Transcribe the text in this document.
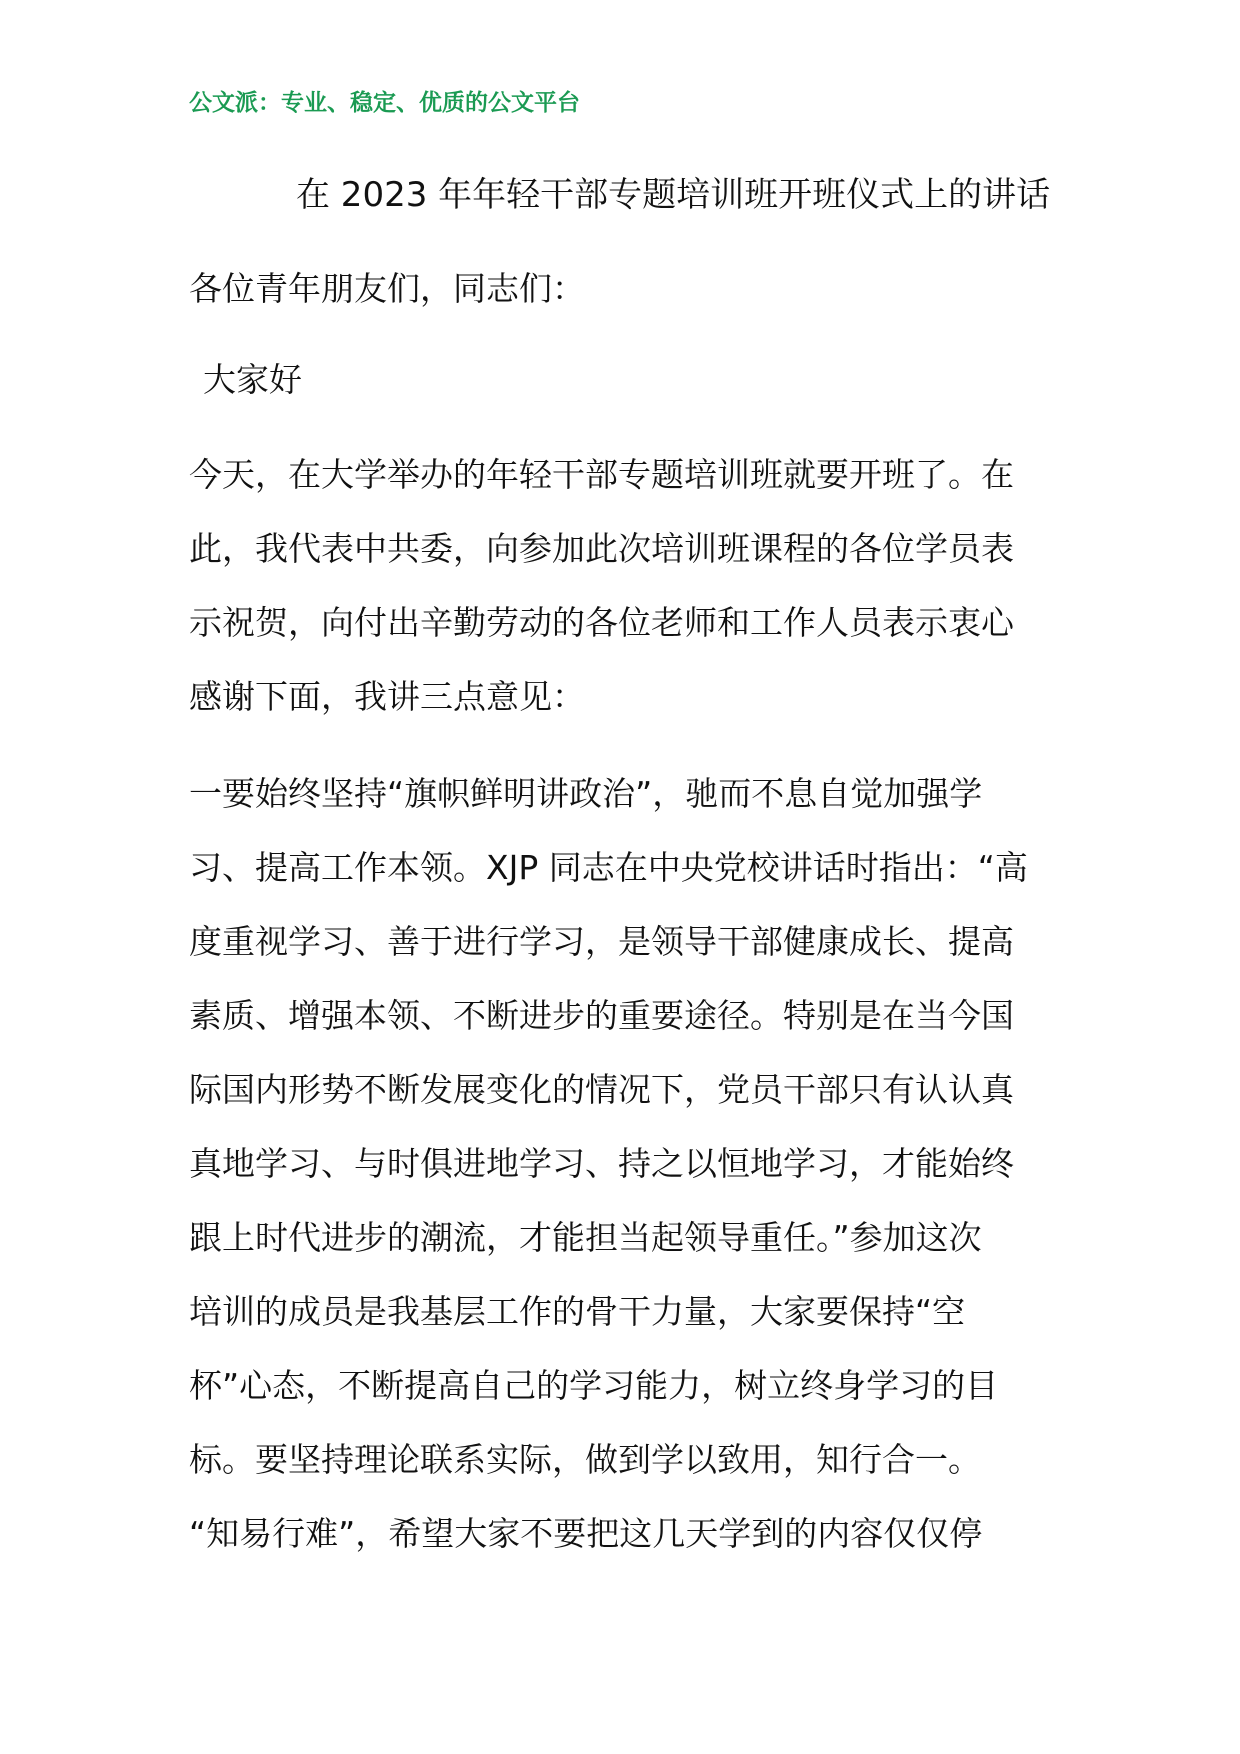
公文派：专业、稳定、优质的公文平台
在 2023 年年轻干部专题培训班开班仪式上的讲话
各位青年朋友们，同志们：
大家好
今天，在大学举办的年轻干部专题培训班就要开班了。在
此，我代表中共委，向参加此次培训班课程的各位学员表
示祝贺，向付出辛勤劳动的各位老师和工作人员表示衷心
感谢下面，我讲三点意见：
一要始终坚持“旗帜鲜明讲政治”，驰而不息自觉加强学
习、提高工作本领。XJP 同志在中央党校讲话时指出：“高
度重视学习、善于进行学习，是领导干部健康成长、提高
素质、增强本领、不断进步的重要途径。特别是在当今国
际国内形势不断发展变化的情况下，党员干部只有认认真
真地学习、与时俱进地学习、持之以恒地学习，才能始终
跟上时代进步的潮流，才能担当起领导重任。”参加这次
培训的成员是我基层工作的骨干力量，大家要保持“空
杯”心态，不断提高自己的学习能力，树立终身学习的目
标。要坚持理论联系实际，做到学以致用，知行合一。
“知易行难”，希望大家不要把这几天学到的内容仅仅停
